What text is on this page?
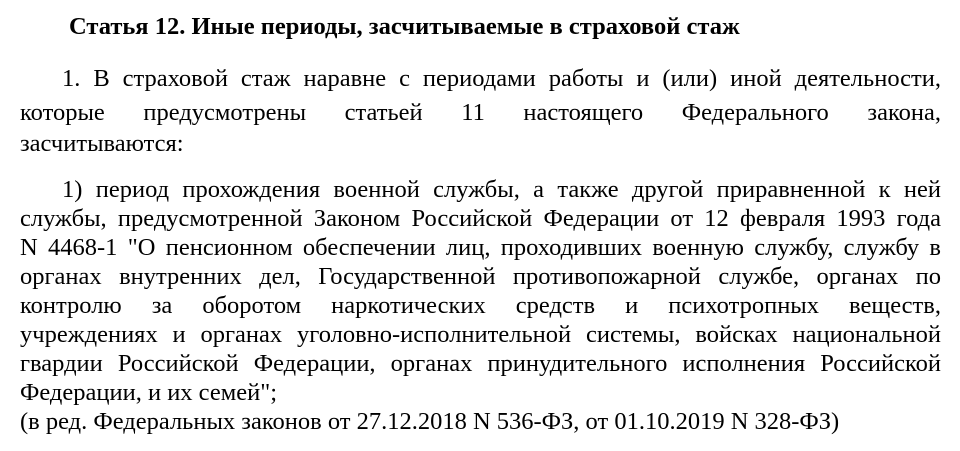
Статья 12. Иные периоды, засчитываемые в страховой стаж
1. В страховой стаж наравне с периодами работы и (или) иной деятельности,
которые предусмотрены статьей 11 настоящего Федерального закона,
засчитываются:
1) период прохождения военной службы, а также другой приравненной к ней
службы, предусмотренной Законом Российской Федерации от 12 февраля 1993 года
N 4468-1 "О пенсионном обеспечении лиц, проходивших военную службу, службу в
органах внутренних дел, Государственной противопожарной службе, органах по
контролю за оборотом наркотических средств и психотропных веществ,
учреждениях и органах уголовно-исполнительной системы, войсках национальной
гвардии Российской Федерации, органах принудительного исполнения Российской
Федерации, и их семей";
(в ред. Федеральных законов от 27.12.2018 N 536-ФЗ, от 01.10.2019 N 328-ФЗ)
